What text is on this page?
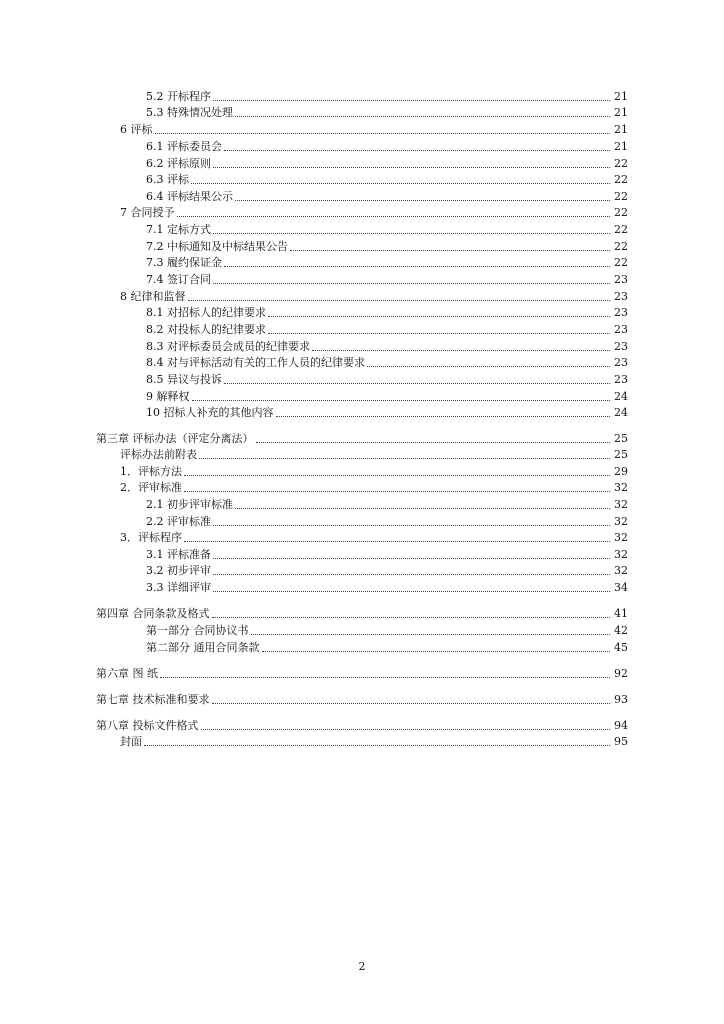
5.2 开标程序	21
5.3 特殊情况处理	21
6 评标	21
6.1 评标委员会	21
6.2 评标原则	22
6.3 评标	22
6.4 评标结果公示	22
7 合同授予	22
7.1 定标方式	22
7.2 中标通知及中标结果公告	22
7.3 履约保证金	22
7.4 签订合同	23
8 纪律和监督	23
8.1 对招标人的纪律要求	23
8.2 对投标人的纪律要求	23
8.3 对评标委员会成员的纪律要求	23
8.4 对与评标活动有关的工作人员的纪律要求	23
8.5 异议与投诉	23
9 解释权	24
10 招标人补充的其他内容	24
第三章 评标办法（评定分离法）	25
评标办法前附表	25
1．评标方法	29
2．评审标准	32
2.1 初步评审标准	32
2.2 评审标准	32
3．评标程序	32
3.1 评标准备	32
3.2 初步评审	32
3.3 详细评审	34
第四章 合同条款及格式	41
第一部分 合同协议书	42
第二部分 通用合同条款	45
第六章 图 纸	92
第七章 技术标准和要求	93
第八章 投标文件格式	94
封面	95
2
